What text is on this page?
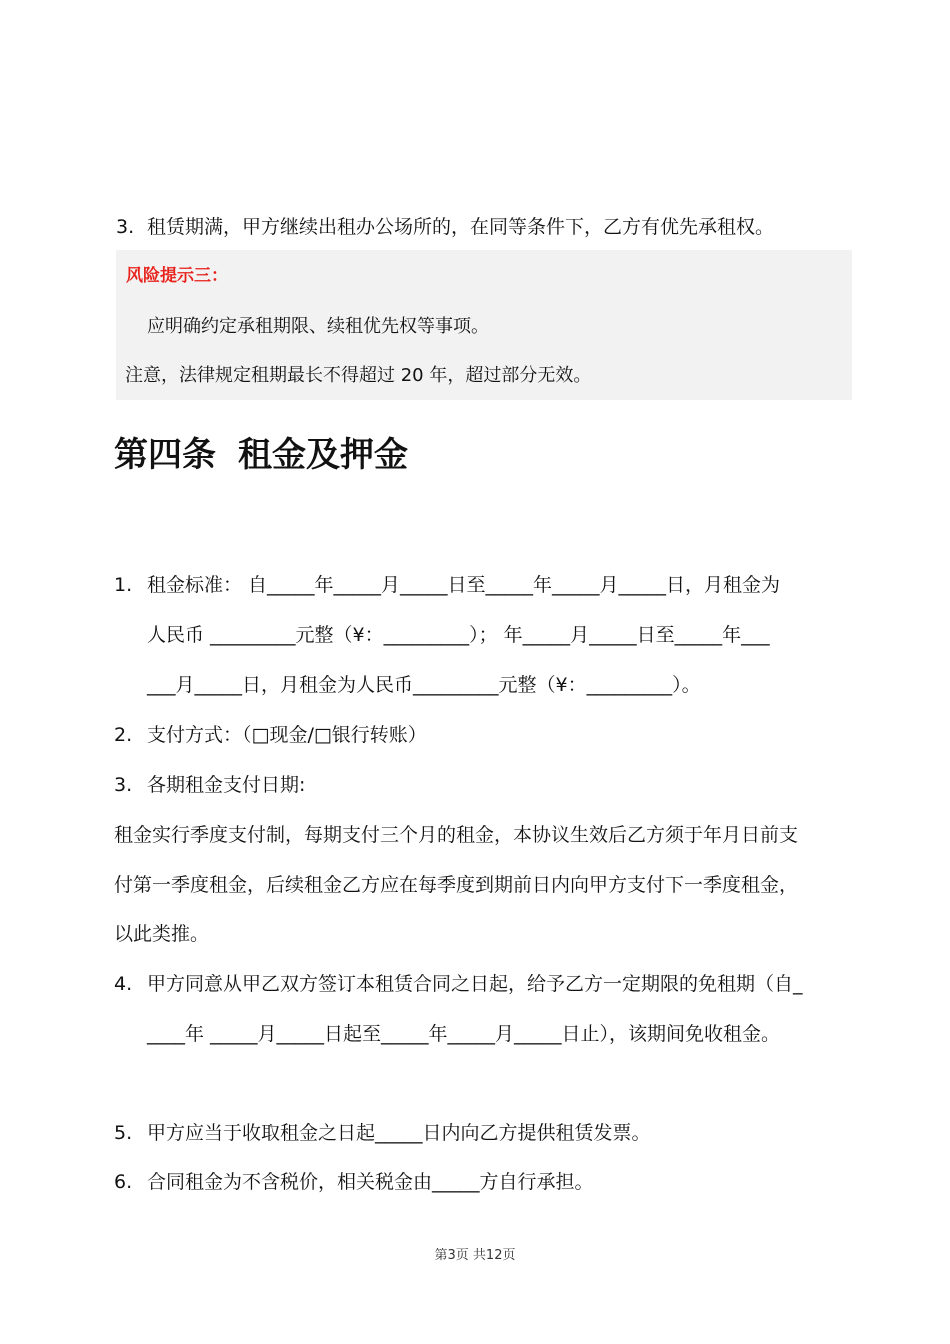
3. 租赁期满，甲方继续出租办公场所的，在同等条件下，乙方有优先承租权。
风险提示三：
应明确约定承租期限、续租优先权等事项。
注意，法律规定租期最长不得超过 20 年，超过部分无效。
第四条 租金及押金
1. 租金标准： 自_____年_____月_____日至_____年_____月_____日，月租金为
人民币 _________元整（¥：_________）； 年_____月_____日至_____年___
___月_____日，月租金为人民币_________元整（¥：_________）。
2. 支付方式：（□现金/□银行转账）
3. 各期租金支付日期:
租金实行季度支付制，每期支付三个月的租金，本协议生效后乙方须于年月日前支
付第一季度租金，后续租金乙方应在每季度到期前日内向甲方支付下一季度租金，
以此类推。
4. 甲方同意从甲乙双方签订本租赁合同之日起，给予乙方一定期限的免租期（自_
____年 _____月_____日起至_____年_____月_____日止），该期间免收租金。
5. 甲方应当于收取租金之日起_____日内向乙方提供租赁发票。
6. 合同租金为不含税价，相关税金由_____方自行承担。
第3页 共12页
